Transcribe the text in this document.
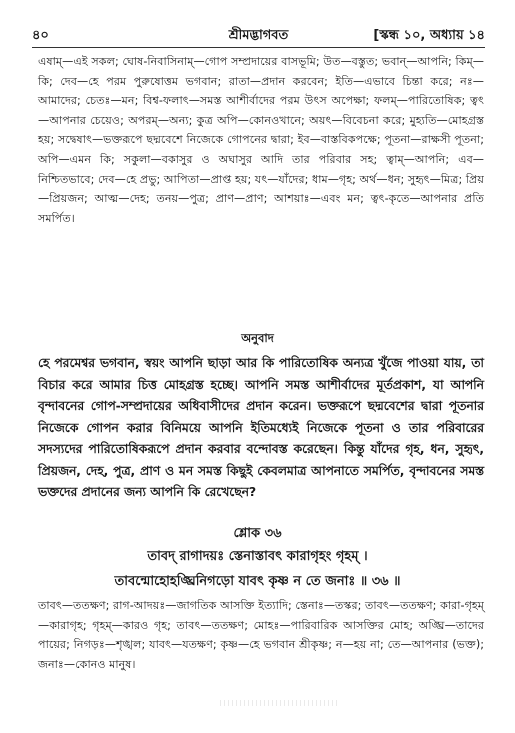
৪০	শ্রীমদ্ভাগবত	[স্কন্ধ ১০, অধ্যায় ১৪
এষাম্—এই সকল; ঘোষ-নিবাসিনাম্—গোপ সম্প্রদায়ের বাসভূমি; উত—বস্তুত; ভবান্—আপনি; কিম্—কি; দেব—হে পরম পুরুষোত্তম ভগবান; রাতা—প্রদান করবেন; ইতি—এভাবে চিন্তা করে; নঃ—আমাদের; চেতঃ—মন; বিশ্ব-ফলাৎ—সমস্ত আশীর্বাদের পরম উৎস অপেক্ষা; ফলম্—পারিতোষিক; ত্বৎ—আপনার চেয়েও; অপরম্—অন্য; কুত্র অপি—কোনওখানে; অয়ৎ—বিবেচনা করে; মুহ্যতি—মোহগ্রস্ত হয়; সদ্বেষাৎ—ভক্তরূপে ছদ্মবেশে নিজেকে গোপনের দ্বারা; ইব—বাস্তবিকপক্ষে; পূতনা—রাক্ষসী পূতনা; অপি—এমন কি; সকুলা—বকাসুর ও অঘাসুর আদি তার পরিবার সহ; ত্বাম্—আপনি; এব—নিশ্চিতভাবে; দেব—হে প্রভু; আপিতা—প্রাপ্ত হয়; যৎ—যাঁদের; ধাম—গৃহ; অর্থ—ধন; সুহৃৎ—মিত্র; প্রিয়—প্রিয়জন; আত্ম—দেহ; তনয়—পুত্র; প্রাণ—প্রাণ; আশয়াঃ—এবং মন; ত্বৎ-কৃতে—আপনার প্রতি সমর্পিত।
অনুবাদ
হে পরমেশ্বর ভগবান, স্বয়ং আপনি ছাড়া আর কি পারিতোষিক অন্যত্র খুঁজে পাওয়া যায়, তা বিচার করে আমার চিত্ত মোহগ্রস্ত হচ্ছে। আপনি সমস্ত আশীর্বাদের মূর্তপ্রকাশ, যা আপনি বৃন্দাবনের গোপ-সম্প্রদায়ের অধিবাসীদের প্রদান করেন। ভক্তরূপে ছদ্মবেশের দ্বারা পূতনার নিজেকে গোপন করার বিনিময়ে আপনি ইতিমধ্যেই নিজেকে পূতনা ও তার পরিবারের সদস্যদের পারিতোষিকরূপে প্রদান করবার বন্দোবস্ত করেছেন। কিন্তু যাঁদের গৃহ, ধন, সুহৃৎ, প্রিয়জন, দেহ, পুত্র, প্রাণ ও মন সমস্ত কিছুই কেবলমাত্র আপনাতে সমর্পিত, বৃন্দাবনের সমস্ত ভক্তদের প্রদানের জন্য আপনি কি রেখেছেন?
শ্লোক ৩৬
তাবদ্ রাগাদয়ঃ স্তেনাস্তাবৎ কারাগৃহং গৃহম্ ।
তাবন্মোহোহঙ্ঘ্রিনিগড়ো যাবৎ কৃষ্ণ ন তে জনাঃ ॥ ৩৬ ॥
তাবৎ—ততক্ষণ; রাগ-আদয়ঃ—জাগতিক আসক্তি ইত্যাদি; স্তেনাঃ—তস্কর; তাবৎ—ততক্ষণ; কারা-গৃহম্—কারাগৃহ; গৃহম্—কারও গৃহ; তাবৎ—ততক্ষণ; মোহঃ—পারিবারিক আসক্তির মোহ; অঙ্ঘ্রি—তাদের পায়ের; নিগড়ঃ—শৃঙ্খল; যাবৎ—যতক্ষণ; কৃষ্ণ—হে ভগবান শ্রীকৃষ্ণ; ন—হয় না; তে—আপনার (ভক্ত); জনাঃ—কোনও মানুষ।
